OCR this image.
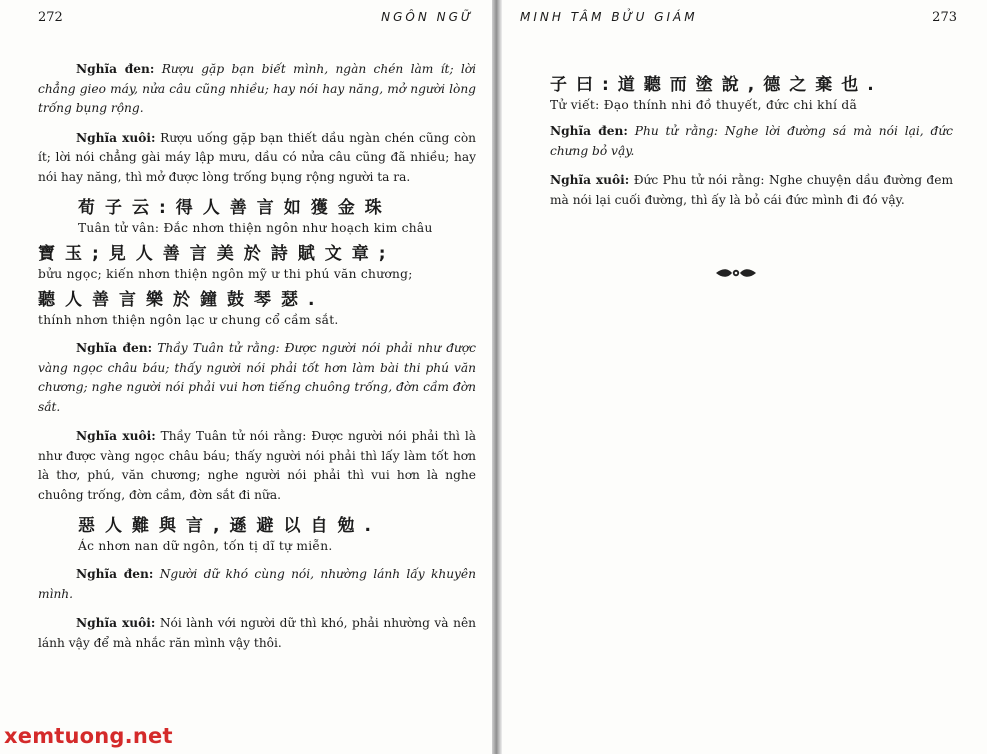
272	NGÔN NGỮ

Nghĩa đen: Rượu gặp bạn biết mình, ngàn chén làm ít; lời chẳng gieo máy, nửa câu cũng nhiều; hay nói hay năng, mở người lòng trống bụng rộng.

Nghĩa xuôi: Rượu uống gặp bạn thiết dầu ngàn chén cũng còn ít; lời nói chẳng gài máy lập mưu, dầu có nửa câu cũng đã nhiều; hay nói hay năng, thì mở được lòng trống bụng rộng người ta ra.

荀子云:得人善言如獲金珠
Tuân tử vân: Đắc nhơn thiện ngôn như hoạch kim châu
寶玉;見人善言美於詩賦文章;
bửu ngọc; kiến nhơn thiện ngôn mỹ ư thi phú văn chương;
聽人善言樂於鐘鼓琴瑟.
thính nhơn thiện ngôn lạc ư chung cổ cầm sắt.

Nghĩa đen: Thầy Tuân tử rằng: Được người nói phải như được vàng ngọc châu báu; thấy người nói phải tốt hơn làm bài thi phú văn chương; nghe người nói phải vui hơn tiếng chuông trống, đờn cầm đờn sắt.

Nghĩa xuôi: Thầy Tuân tử nói rằng: Được người nói phải thì là như được vàng ngọc châu báu; thấy người nói phải thì lấy làm tốt hơn là thơ, phú, văn chương; nghe người nói phải thì vui hơn là nghe chuông trống, đờn cầm, đờn sắt đi nữa.

惡人難與言,遜避以自勉.
Ác nhơn nan dữ ngôn, tốn tị dĩ tự miễn.

Nghĩa đen: Người dữ khó cùng nói, nhường lánh lấy khuyên mình.

Nghĩa xuôi: Nói lành với người dữ thì khó, phải nhường và nên lánh vậy để mà nhắc răn mình vậy thôi.

MINH TÂM BỬU GIÁM	273
子曰:道聽而塗說,德之棄也.
Tử viết: Đạo thính nhi đồ thuyết, đức chi khí dã

Nghĩa đen: Phu tử rằng: Nghe lời đường sá mà nói lại, đức chưng bỏ vậy.

Nghĩa xuôi: Đức Phu tử nói rằng: Nghe chuyện dầu đường đem mà nói lại cuối đường, thì ấy là bỏ cái đức mình đi đó vậy.

xemtuong.net
